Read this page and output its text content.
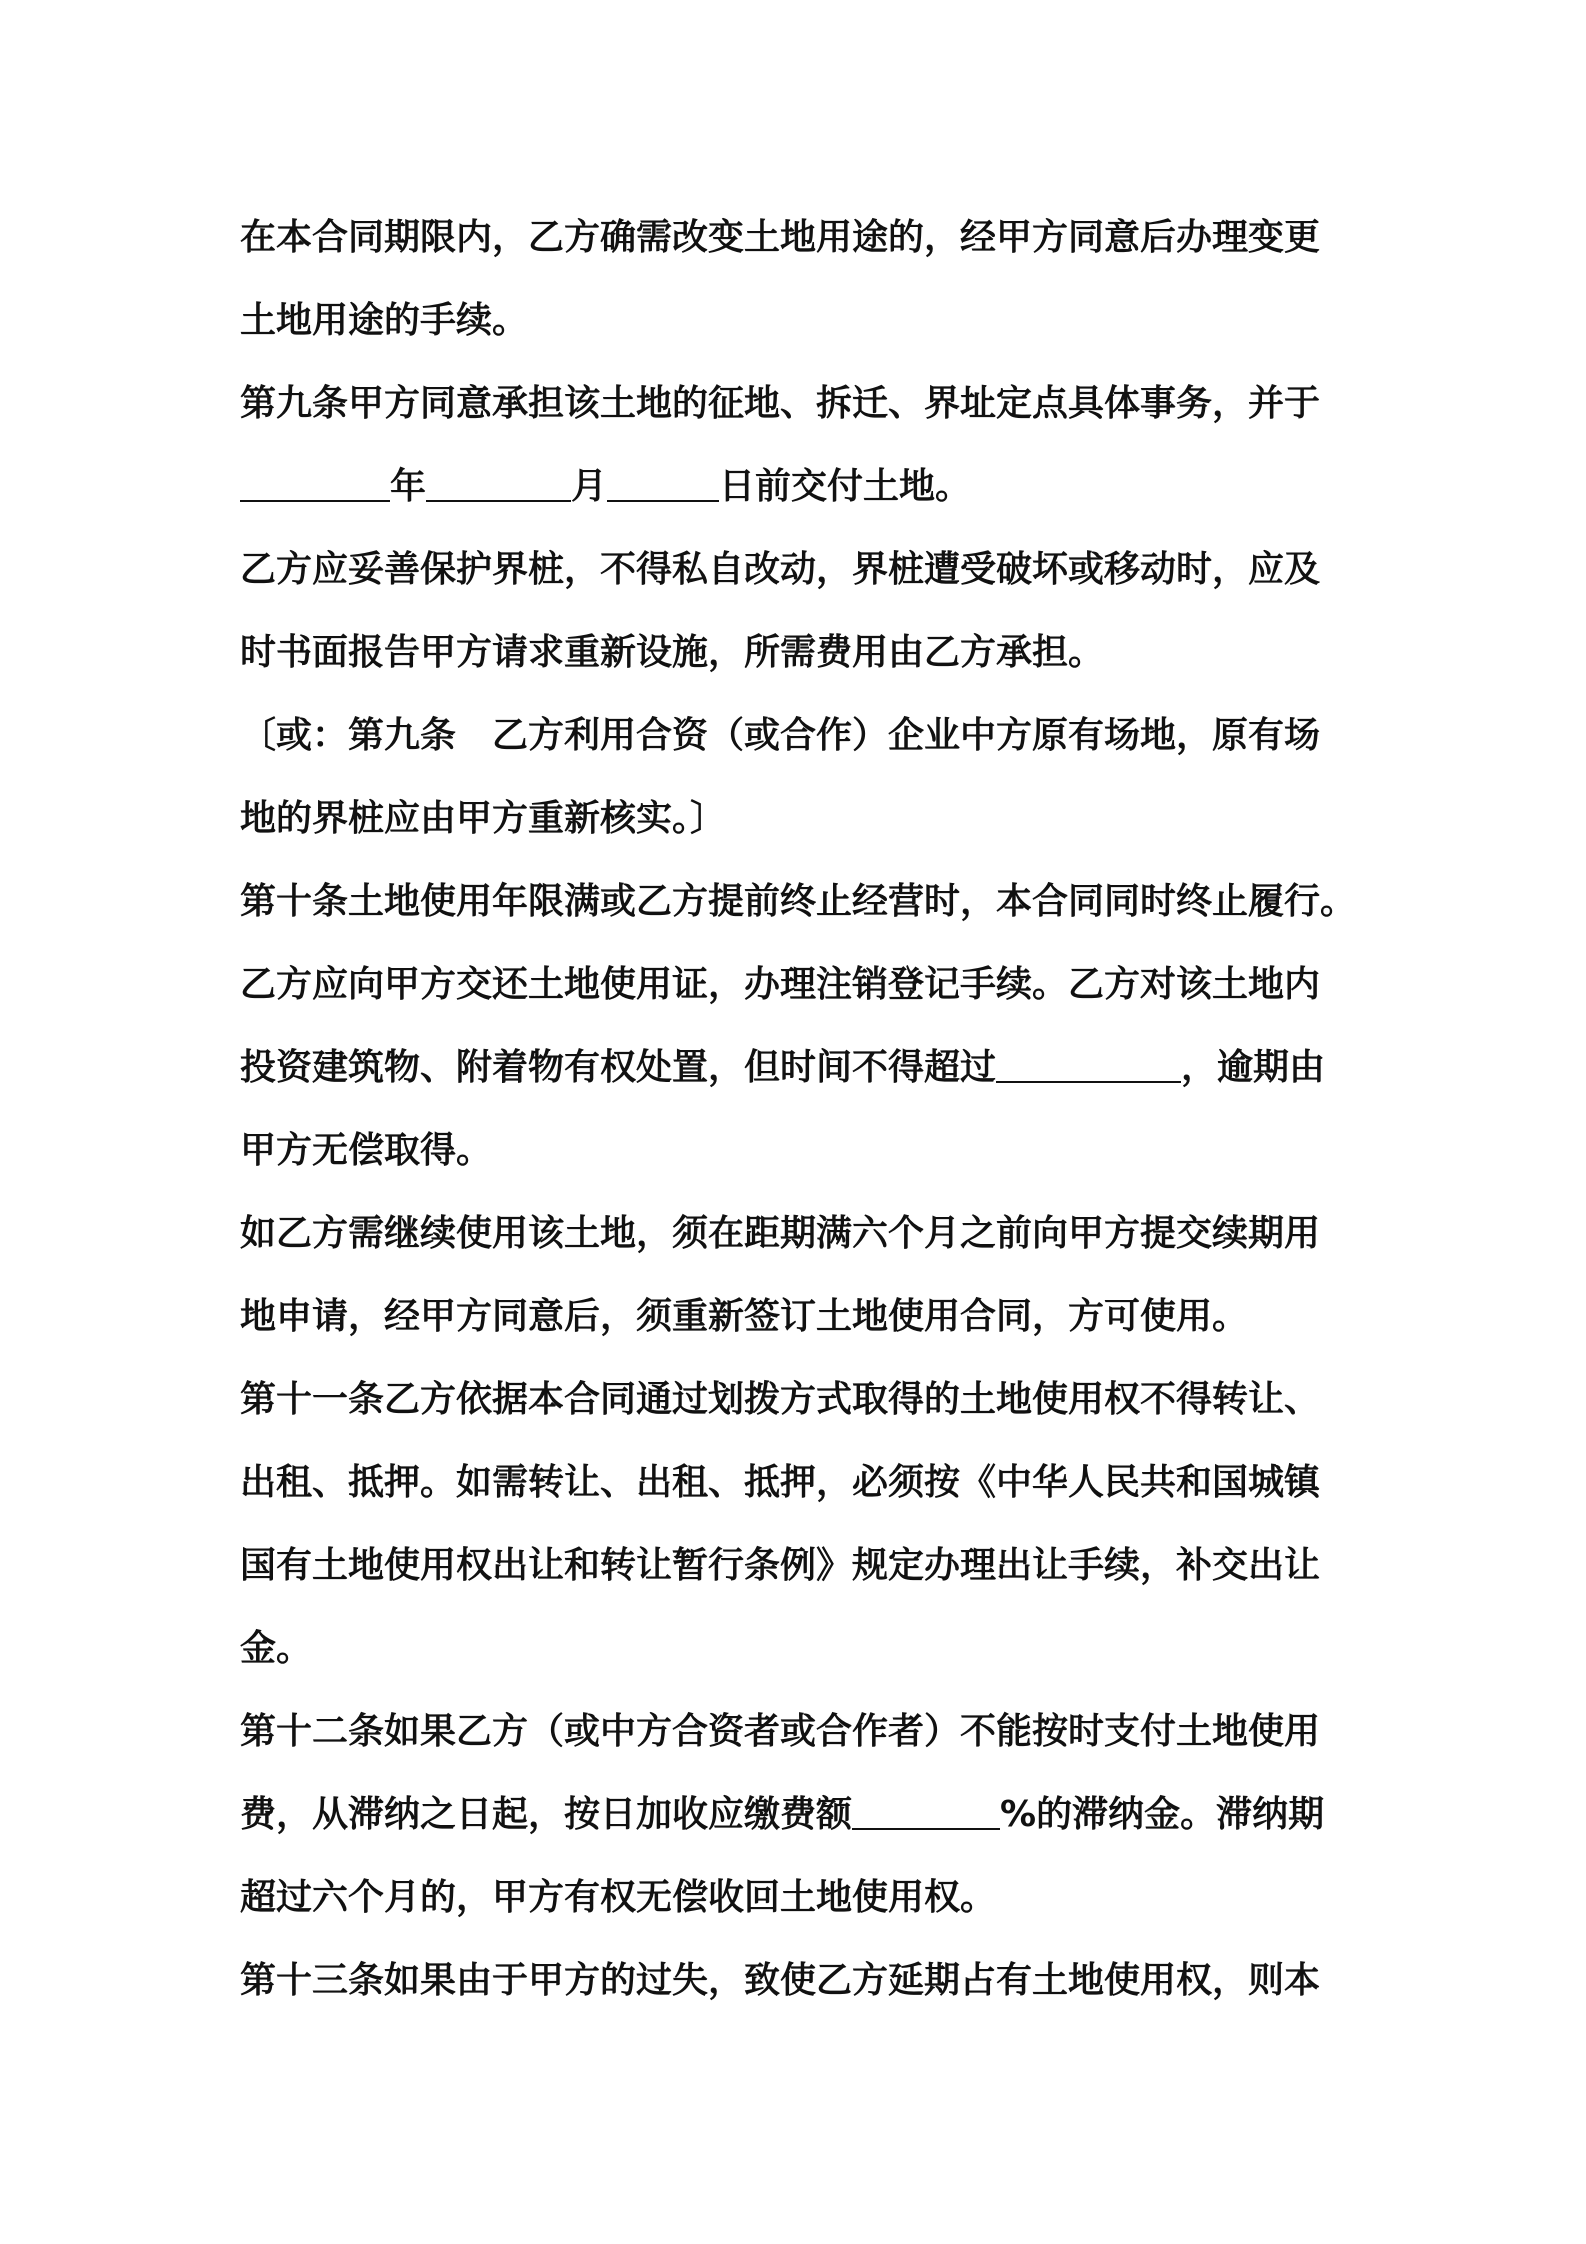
在本合同期限内，乙方确需改变土地用途的，经甲方同意后办理变更
土地用途的手续。
第九条甲方同意承担该土地的征地、拆迁、界址定点具体事务，并于
年	月	日前交付土地。
乙方应妥善保护界桩，不得私自改动，界桩遭受破坏或移动时，应及
时书面报告甲方请求重新设施，所需费用由乙方承担。
〔或：第九条　乙方利用合资（或合作）企业中方原有场地，原有场
地的界桩应由甲方重新核实。〕
第十条土地使用年限满或乙方提前终止经营时，本合同同时终止履行。
乙方应向甲方交还土地使用证，办理注销登记手续。乙方对该土地内
投资建筑物、附着物有权处置，但时间不得超过	，逾期由
甲方无偿取得。
如乙方需继续使用该土地，须在距期满六个月之前向甲方提交续期用
地申请，经甲方同意后，须重新签订土地使用合同，方可使用。
第十一条乙方依据本合同通过划拨方式取得的土地使用权不得转让、
出租、抵押。如需转让、出租、抵押，必须按《中华人民共和国城镇
国有土地使用权出让和转让暂行条例》规定办理出让手续，补交出让
金。
第十二条如果乙方（或中方合资者或合作者）不能按时支付土地使用
费，从滞纳之日起，按日加收应缴费额	%的滞纳金。滞纳期
超过六个月的，甲方有权无偿收回土地使用权。
第十三条如果由于甲方的过失，致使乙方延期占有土地使用权，则本
